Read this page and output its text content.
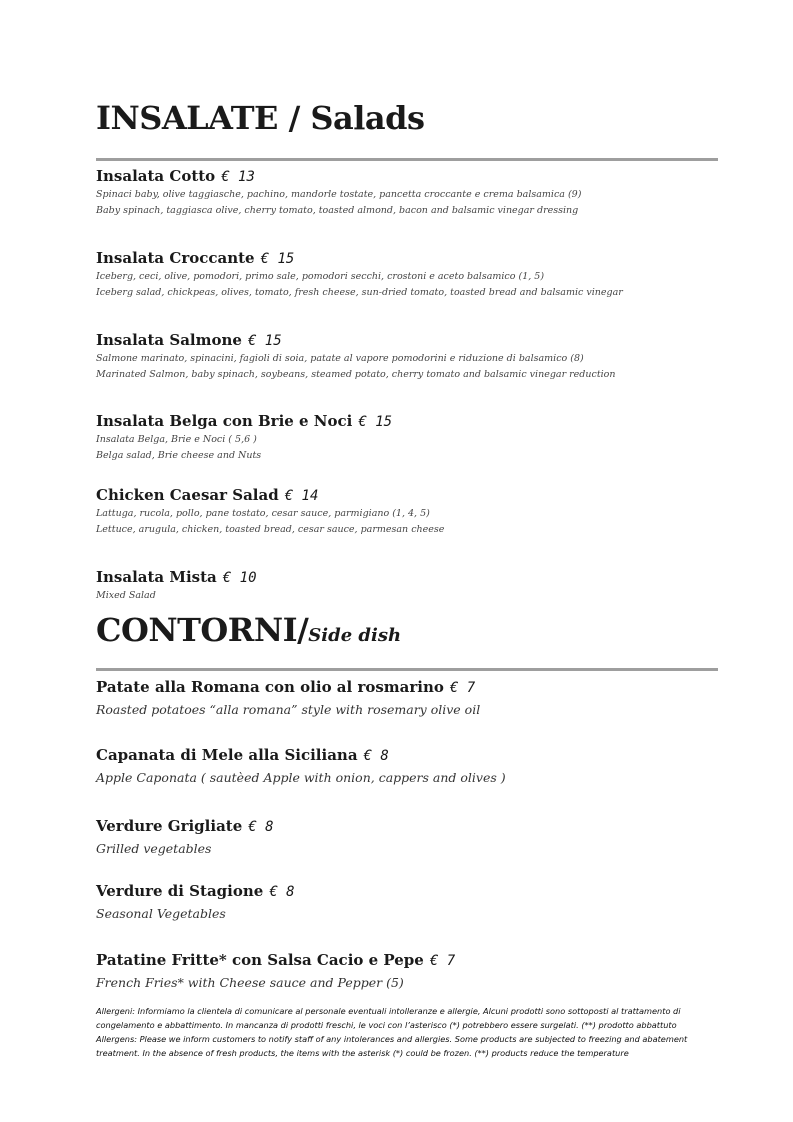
INSALATE / Salads
Insalata Cotto € 13
Spinaci baby, olive taggiasche, pachino, mandorle tostate, pancetta croccante e crema balsamica (9)
Baby spinach, taggiasca olive, cherry tomato, toasted almond, bacon and balsamic vinegar dressing
Insalata Croccante € 15
Iceberg, ceci, olive, pomodori, primo sale, pomodori secchi, crostoni e aceto balsamico (1, 5)
Iceberg salad, chickpeas, olives, tomato, fresh cheese, sun-dried tomato, toasted bread and balsamic vinegar
Insalata Salmone € 15
Salmone marinato, spinacini, fagioli di soia, patate al vapore pomodorini e riduzione di balsamico (8)
Marinated Salmon, baby spinach, soybeans, steamed potato, cherry tomato and balsamic vinegar reduction
Insalata Belga con Brie e Noci € 15
Insalata Belga, Brie e Noci ( 5,6 )
Belga salad, Brie cheese and Nuts
Chicken Caesar Salad € 14
Lattuga, rucola, pollo, pane tostato, cesar sauce, parmigiano (1, 4, 5)
Lettuce, arugula, chicken, toasted bread, cesar sauce, parmesan cheese
Insalata Mista € 10
Mixed Salad
CONTORNI/Side dish
Patate alla Romana con olio al rosmarino € 7
Roasted potatoes “alla romana” style with rosemary olive oil
Capanata di Mele alla Siciliana € 8
Apple Caponata ( sautèed Apple with onion, cappers and olives )
Verdure Grigliate € 8
Grilled vegetables
Verdure di Stagione € 8
Seasonal Vegetables
Patatine Fritte* con Salsa Cacio e Pepe € 7
French Fries* with Cheese sauce and Pepper (5)
Allergeni: Informiamo la clientela di comunicare al personale eventuali intolleranze e allergie, Alcuni prodotti sono sottoposti al trattamento di
congelamento e abbattimento. In mancanza di prodotti freschi, le voci con l’asterisco (*) potrebbero essere surgelati. (**) prodotto abbattuto
Allergens: Please we inform customers to notify staff of any intolerances and allergies. Some products are subjected to freezing and abatement
treatment. In the absence of fresh products, the items with the asterisk (*) could be frozen. (**) products reduce the temperature
